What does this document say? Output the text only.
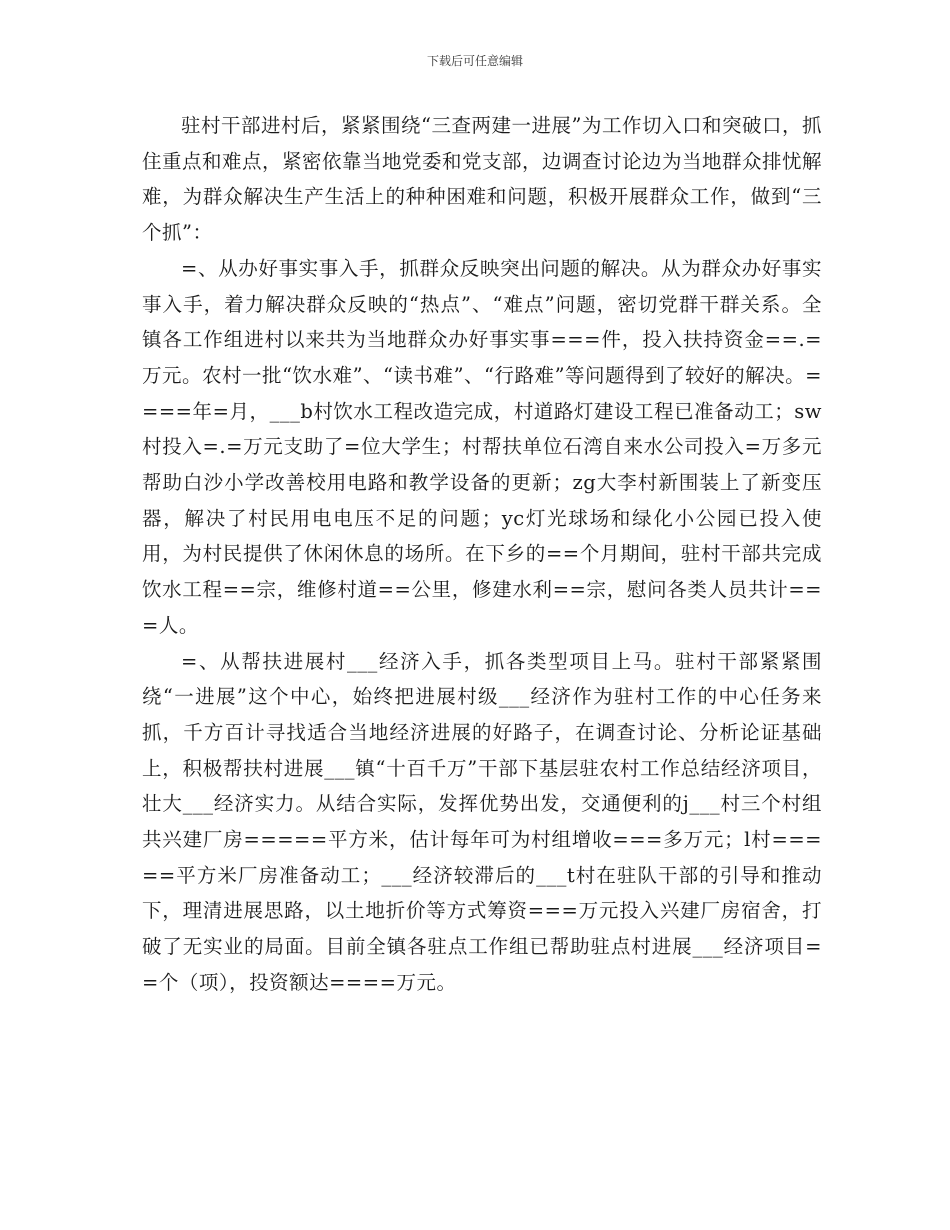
下载后可任意编辑

驻村干部进村后，紧紧围绕“三查两建一进展”为工作切入口和突破口，抓住重点和难点，紧密依靠当地党委和党支部，边调查讨论边为当地群众排忧解难，为群众解决生产生活上的种种困难和问题，积极开展群众工作，做到“三个抓”：

=、从办好事实事入手，抓群众反映突出问题的解决。从为群众办好事实事入手，着力解决群众反映的“热点”、“难点”问题，密切党群干群关系。全镇各工作组进村以来共为当地群众办好事实事===件，投入扶持资金==.=万元。农村一批“饮水难”、“读书难”、“行路难”等问题得到了较好的解决。====年=月，___b村饮水工程改造完成，村道路灯建设工程已准备动工；sw村投入=.=万元支助了=位大学生；村帮扶单位石湾自来水公司投入=万多元帮助白沙小学改善校用电路和教学设备的更新；zg大李村新围装上了新变压器，解决了村民用电电压不足的问题；yc灯光球场和绿化小公园已投入使用，为村民提供了休闲休息的场所。在下乡的==个月期间，驻村干部共完成饮水工程==宗，维修村道==公里，修建水利==宗，慰问各类人员共计===人。

=、从帮扶进展村___经济入手，抓各类型项目上马。驻村干部紧紧围绕“一进展”这个中心，始终把进展村级___经济作为驻村工作的中心任务来抓，千方百计寻找适合当地经济进展的好路子，在调查讨论、分析论证基础上，积极帮扶村进展___镇“十百千万”干部下基层驻农村工作总结经济项目，壮大___经济实力。从结合实际，发挥优势出发，交通便利的j___村三个村组共兴建厂房=====平方米，估计每年可为村组增收===多万元；l村=====平方米厂房准备动工；___经济较滞后的___t村在驻队干部的引导和推动下，理清进展思路，以土地折价等方式筹资===万元投入兴建厂房宿舍，打破了无实业的局面。目前全镇各驻点工作组已帮助驻点村进展___经济项目==个（项），投资额达====万元。
